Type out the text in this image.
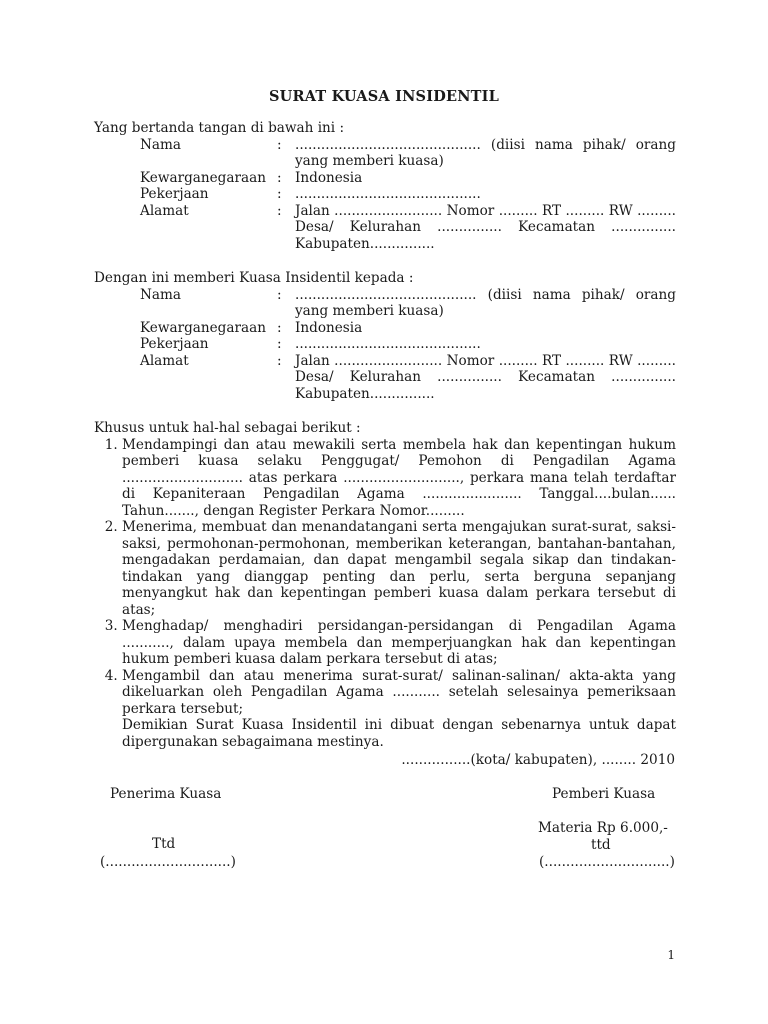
SURAT KUASA INSIDENTIL

Yang bertanda tangan di bawah ini :

Nama	:	........................................... (diisi nama pihak/ orang yang memberi kuasa)
Kewarganegaraan	:	Indonesia
Pekerjaan	:	...........................................
Alamat	:	Jalan ......................... Nomor ......... RT ......... RW ......... Desa/ Kelurahan ............... Kecamatan ............... Kabupaten...............

Dengan ini memberi Kuasa Insidentil kepada :

Nama	:	.......................................... (diisi nama pihak/ orang yang memberi kuasa)
Kewarganegaraan	:	Indonesia
Pekerjaan	:	...........................................
Alamat	:	Jalan ......................... Nomor ......... RT ......... RW ......... Desa/ Kelurahan ............... Kecamatan ............... Kabupaten...............

Khusus untuk hal-hal sebagai berikut :

1. Mendampingi dan atau mewakili serta membela hak dan kepentingan hukum pemberi kuasa selaku Penggugat/ Pemohon di Pengadilan Agama ............................ atas perkara ..........................., perkara mana telah terdaftar di Kepaniteraan Pengadilan Agama ....................... Tanggal....bulan...... Tahun......., dengan Register Perkara Nomor.........
2. Menerima, membuat dan menandatangani serta mengajukan surat-surat, saksi-saksi, permohonan-permohonan, memberikan keterangan, bantahan-bantahan, mengadakan perdamaian, dan dapat mengambil segala sikap dan tindakan-tindakan yang dianggap penting dan perlu, serta berguna sepanjang menyangkut hak dan kepentingan pemberi kuasa dalam perkara tersebut di atas;
3. Menghadap/ menghadiri persidangan-persidangan di Pengadilan Agama ..........., dalam upaya membela dan memperjuangkan hak dan kepentingan hukum pemberi kuasa dalam perkara tersebut di atas;
4. Mengambil dan atau menerima surat-surat/ salinan-salinan/ akta-akta yang dikeluarkan oleh Pengadilan Agama ........... setelah selesainya pemeriksaan perkara tersebut;

Demikian Surat Kuasa Insidentil ini dibuat dengan sebenarnya untuk dapat dipergunakan sebagaimana mestinya.

................(kota/ kabupaten), ........ 2010
Penerima Kuasa
Ttd
(.............................)
Pemberi Kuasa
Materia Rp 6.000,-
ttd
(.............................)
1
